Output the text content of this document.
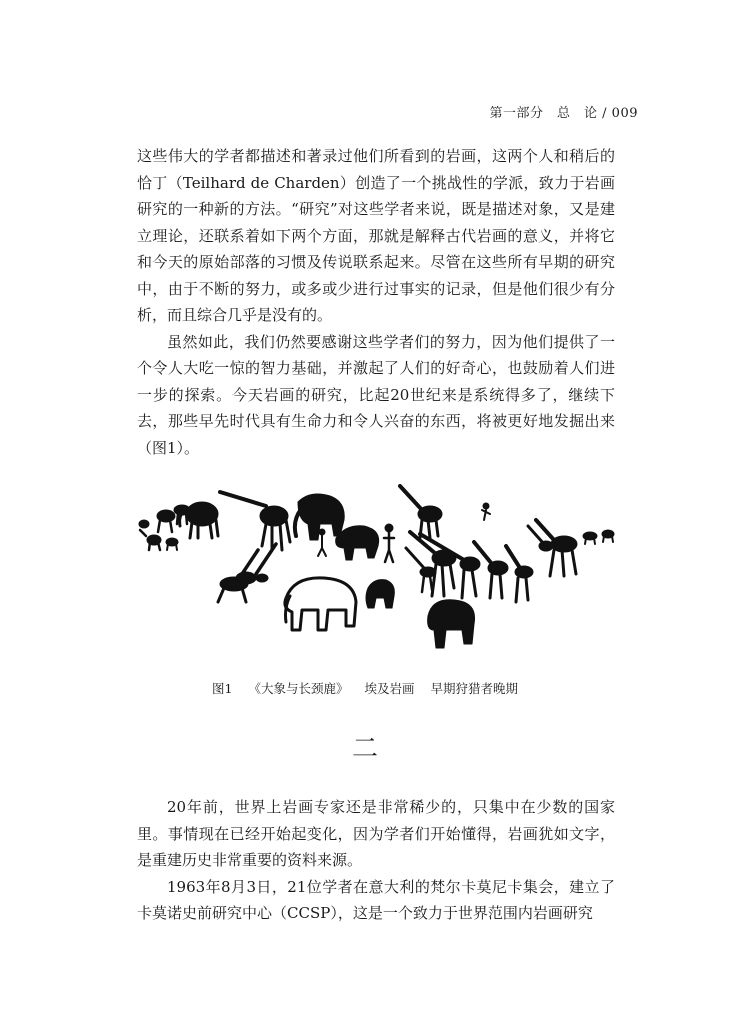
第一部分　总　论 / 009

这些伟大的学者都描述和著录过他们所看到的岩画，这两个人和稍后的恰丁（Teilhard de Charden）创造了一个挑战性的学派，致力于岩画研究的一种新的方法。“研究”对这些学者来说，既是描述对象，又是建立理论，还联系着如下两个方面，那就是解释古代岩画的意义，并将它和今天的原始部落的习惯及传说联系起来。尽管在这些所有早期的研究中，由于不断的努力，或多或少进行过事实的记录，但是他们很少有分析，而且综合几乎是没有的。

虽然如此，我们仍然要感谢这些学者们的努力，因为他们提供了一个令人大吃一惊的智力基础，并激起了人们的好奇心，也鼓励着人们进一步的探索。今天岩画的研究，比起20世纪来是系统得多了，继续下去，那些早先时代具有生命力和令人兴奋的东西，将被更好地发掘出来（图1）。

图1 《大象与长颈鹿》 埃及岩画 早期狩猎者晚期
二

20年前，世界上岩画专家还是非常稀少的，只集中在少数的国家里。事情现在已经开始起变化，因为学者们开始懂得，岩画犹如文字，是重建历史非常重要的资料来源。

1963年8月3日，21位学者在意大利的梵尔卡莫尼卡集会，建立了卡莫诺史前研究中心（CCSP），这是一个致力于世界范围内岩画研究
